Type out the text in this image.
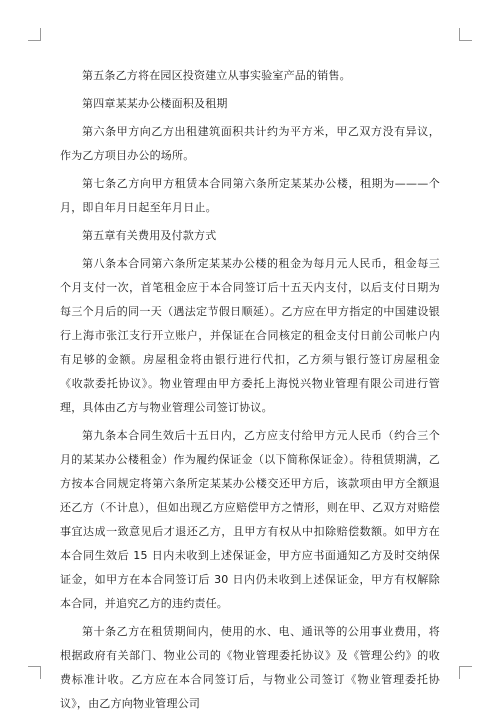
第五条乙方将在园区投资建立从事实验室产品的销售。

第四章某某办公楼面积及租期

第六条甲方向乙方出租建筑面积共计约为平方米，甲乙双方没有异议，作为乙方项目办公的场所。

第七条乙方向甲方租赁本合同第六条所定某某办公楼，租期为———个月，即自年月日起至年月日止。

第五章有关费用及付款方式

第八条本合同第六条所定某某办公楼的租金为每月元人民币，租金每三个月支付一次，首笔租金应于本合同签订后十五天内支付，以后支付日期为每三个月后的同一天（遇法定节假日顺延）。乙方应在甲方指定的中国建设银行上海市张江支行开立账户，并保证在合同核定的租金支付日前公司帐户内有足够的金额。房屋租金将由银行进行代扣，乙方须与银行签订房屋租金《收款委托协议》。物业管理由甲方委托上海悦兴物业管理有限公司进行管理，具体由乙方与物业管理公司签订协议。

第九条本合同生效后十五日内，乙方应支付给甲方元人民币（约合三个月的某某办公楼租金）作为履约保证金（以下简称保证金）。待租赁期满，乙方按本合同规定将第六条所定某某办公楼交还甲方后，该款项由甲方全额退还乙方（不计息），但如出现乙方应赔偿甲方之情形，则在甲、乙双方对赔偿事宜达成一致意见后才退还乙方，且甲方有权从中扣除赔偿数额。如甲方在本合同生效后 15 日内未收到上述保证金，甲方应书面通知乙方及时交纳保证金，如甲方在本合同签订后 30 日内仍未收到上述保证金，甲方有权解除本合同，并追究乙方的违约责任。

第十条乙方在租赁期间内，使用的水、电、通讯等的公用事业费用，将根据政府有关部门、物业公司的《物业管理委托协议》及《管理公约》的收费标准计收。乙方应在本合同签订后，与物业公司签订《物业管理委托协议》，由乙方向物业管理公司
